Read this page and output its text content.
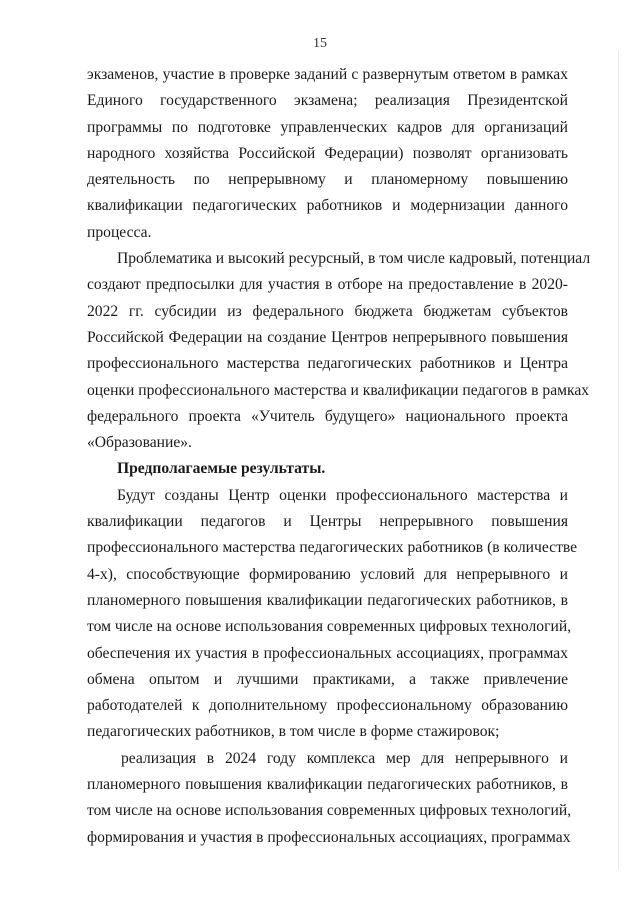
15
экзаменов, участие в проверке заданий с развернутым ответом в рамках
Единого государственного экзамена; реализация Президентской
программы по подготовке управленческих кадров для организаций
народного хозяйства Российской Федерации) позволят организовать
деятельность по непрерывному и планомерному повышению
квалификации педагогических работников и модернизации данного
процесса.
Проблематика и высокий ресурсный, в том числе кадровый, потенциал
создают предпосылки для участия в отборе на предоставление в 2020-
2022 гг. субсидии из федерального бюджета бюджетам субъектов
Российской Федерации на создание Центров непрерывного повышения
профессионального мастерства педагогических работников и Центра
оценки профессионального мастерства и квалификации педагогов в рамках
федерального проекта «Учитель будущего» национального проекта
«Образование».
Предполагаемые результаты.
Будут созданы Центр оценки профессионального мастерства и
квалификации педагогов и Центры непрерывного повышения
профессионального мастерства педагогических работников (в количестве
4-х), способствующие формированию условий для непрерывного и
планомерного повышения квалификации педагогических работников, в
том числе на основе использования современных цифровых технологий,
обеспечения их участия в профессиональных ассоциациях, программах
обмена опытом и лучшими практиками, а также привлечение
работодателей к дополнительному профессиональному образованию
педагогических работников, в том числе в форме стажировок;
реализация в 2024 году комплекса мер для непрерывного и
планомерного повышения квалификации педагогических работников, в
том числе на основе использования современных цифровых технологий,
формирования и участия в профессиональных ассоциациях, программах
